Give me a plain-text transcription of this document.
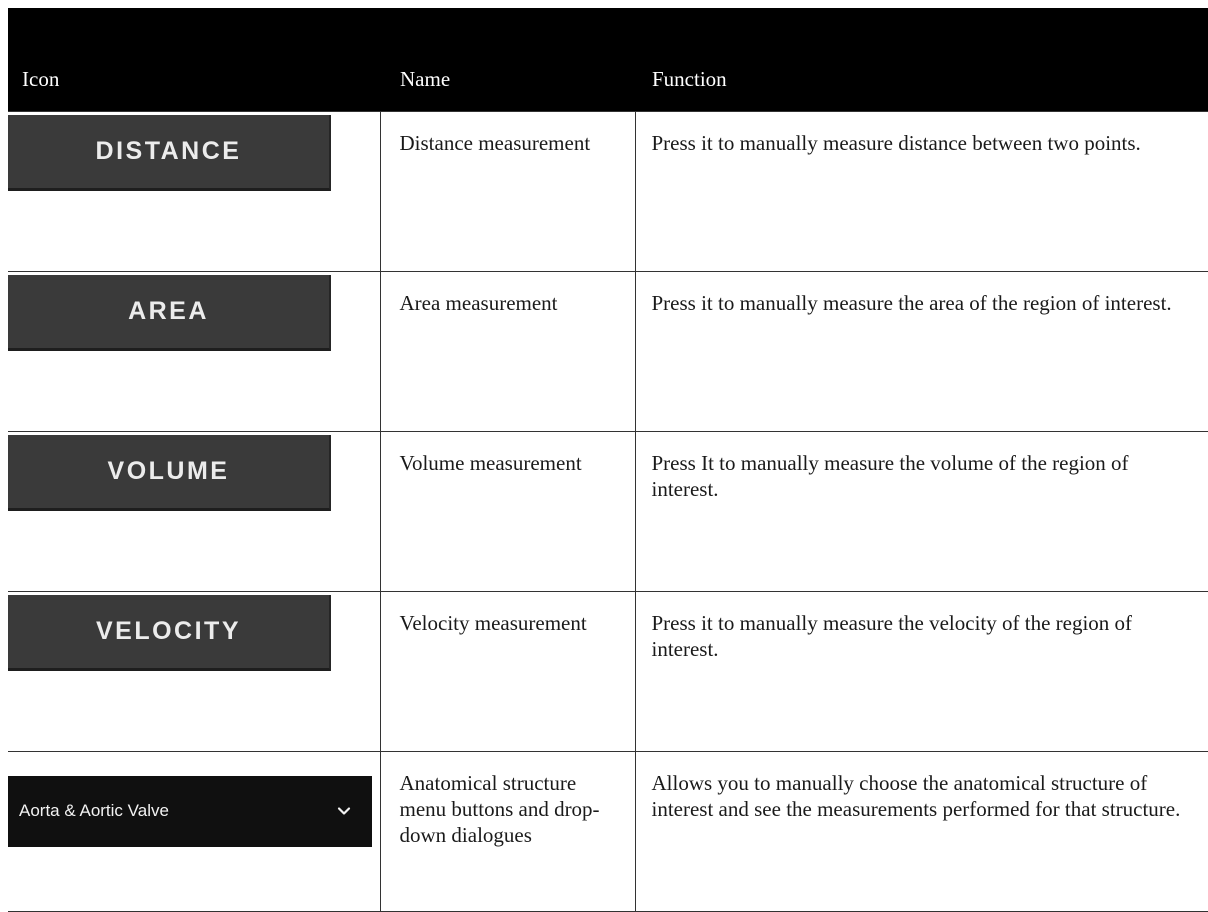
Icon	Name	Function

DISTANCE	Distance measurement	Press it to manually measure distance between two points.

AREA	Area measurement	Press it to manually measure the area of the region of interest.

VOLUME	Volume measurement	Press It to manually measure the volume of the region of interest.

VELOCITY	Velocity measurement	Press it to manually measure the velocity of the region of interest.

Aorta & Aortic Valve	Anatomical structure menu buttons and drop-down dialogues	Allows you to manually choose the anatomical structure of interest and see the measurements performed for that structure.
